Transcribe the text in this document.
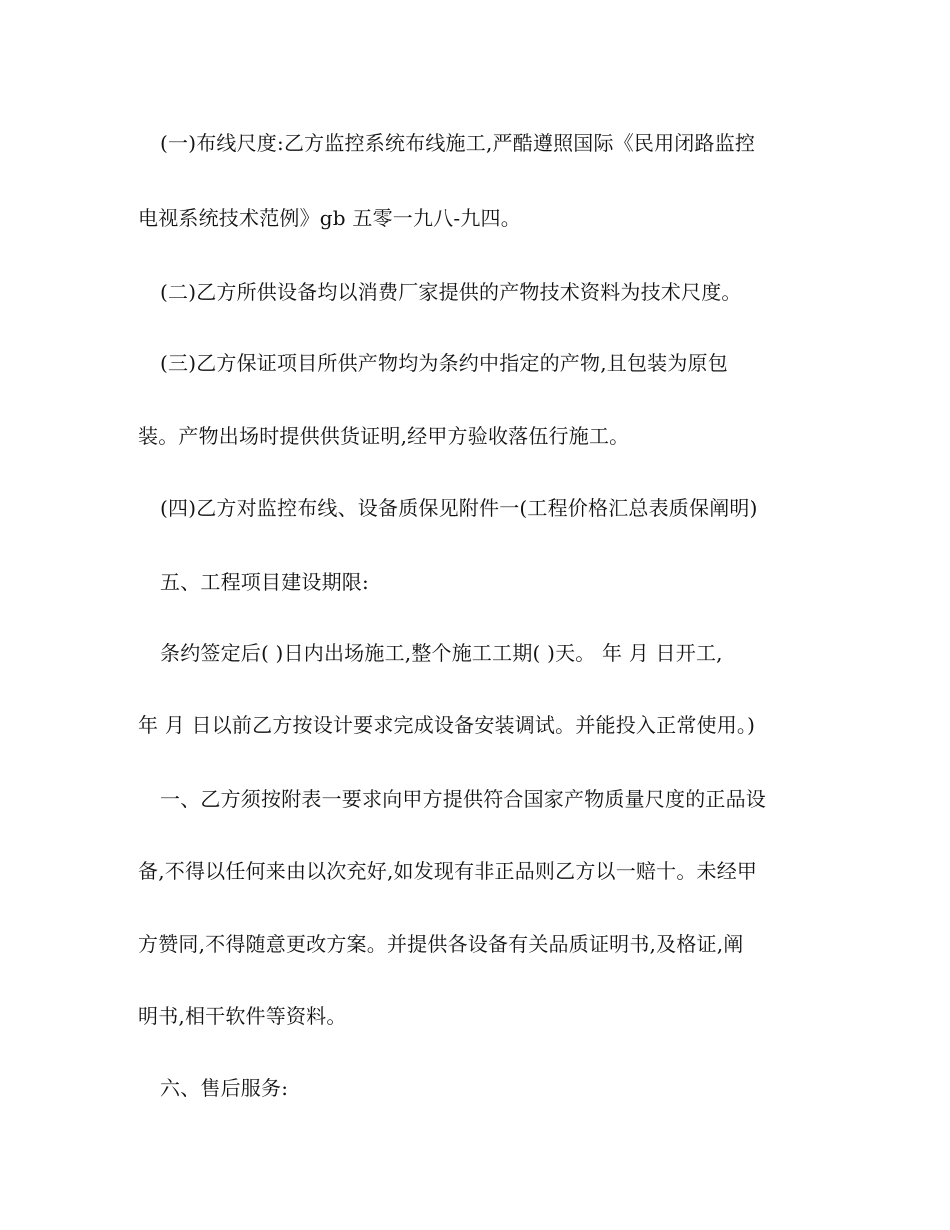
(一)布线尺度:乙方监控系统布线施工,严酷遵照国际《民用闭路监控
电视系统技术范例》gb 五零一九八-九四。
(二)乙方所供设备均以消费厂家提供的产物技术资料为技术尺度。
(三)乙方保证项目所供产物均为条约中指定的产物,且包装为原包
装。产物出场时提供供货证明,经甲方验收落伍行施工。
(四)乙方对监控布线、设备质保见附件一(工程价格汇总表质保阐明)
五、工程项目建设期限:
条约签定后( )日内出场施工,整个施工工期( )天。 年 月 日开工,
年 月 日以前乙方按设计要求完成设备安装调试。并能投入正常使用。)
一、乙方须按附表一要求向甲方提供符合国家产物质量尺度的正品设
备,不得以任何来由以次充好,如发现有非正品则乙方以一赔十。未经甲
方赞同,不得随意更改方案。并提供各设备有关品质证明书,及格证,阐
明书,相干软件等资料。
六、售后服务:
